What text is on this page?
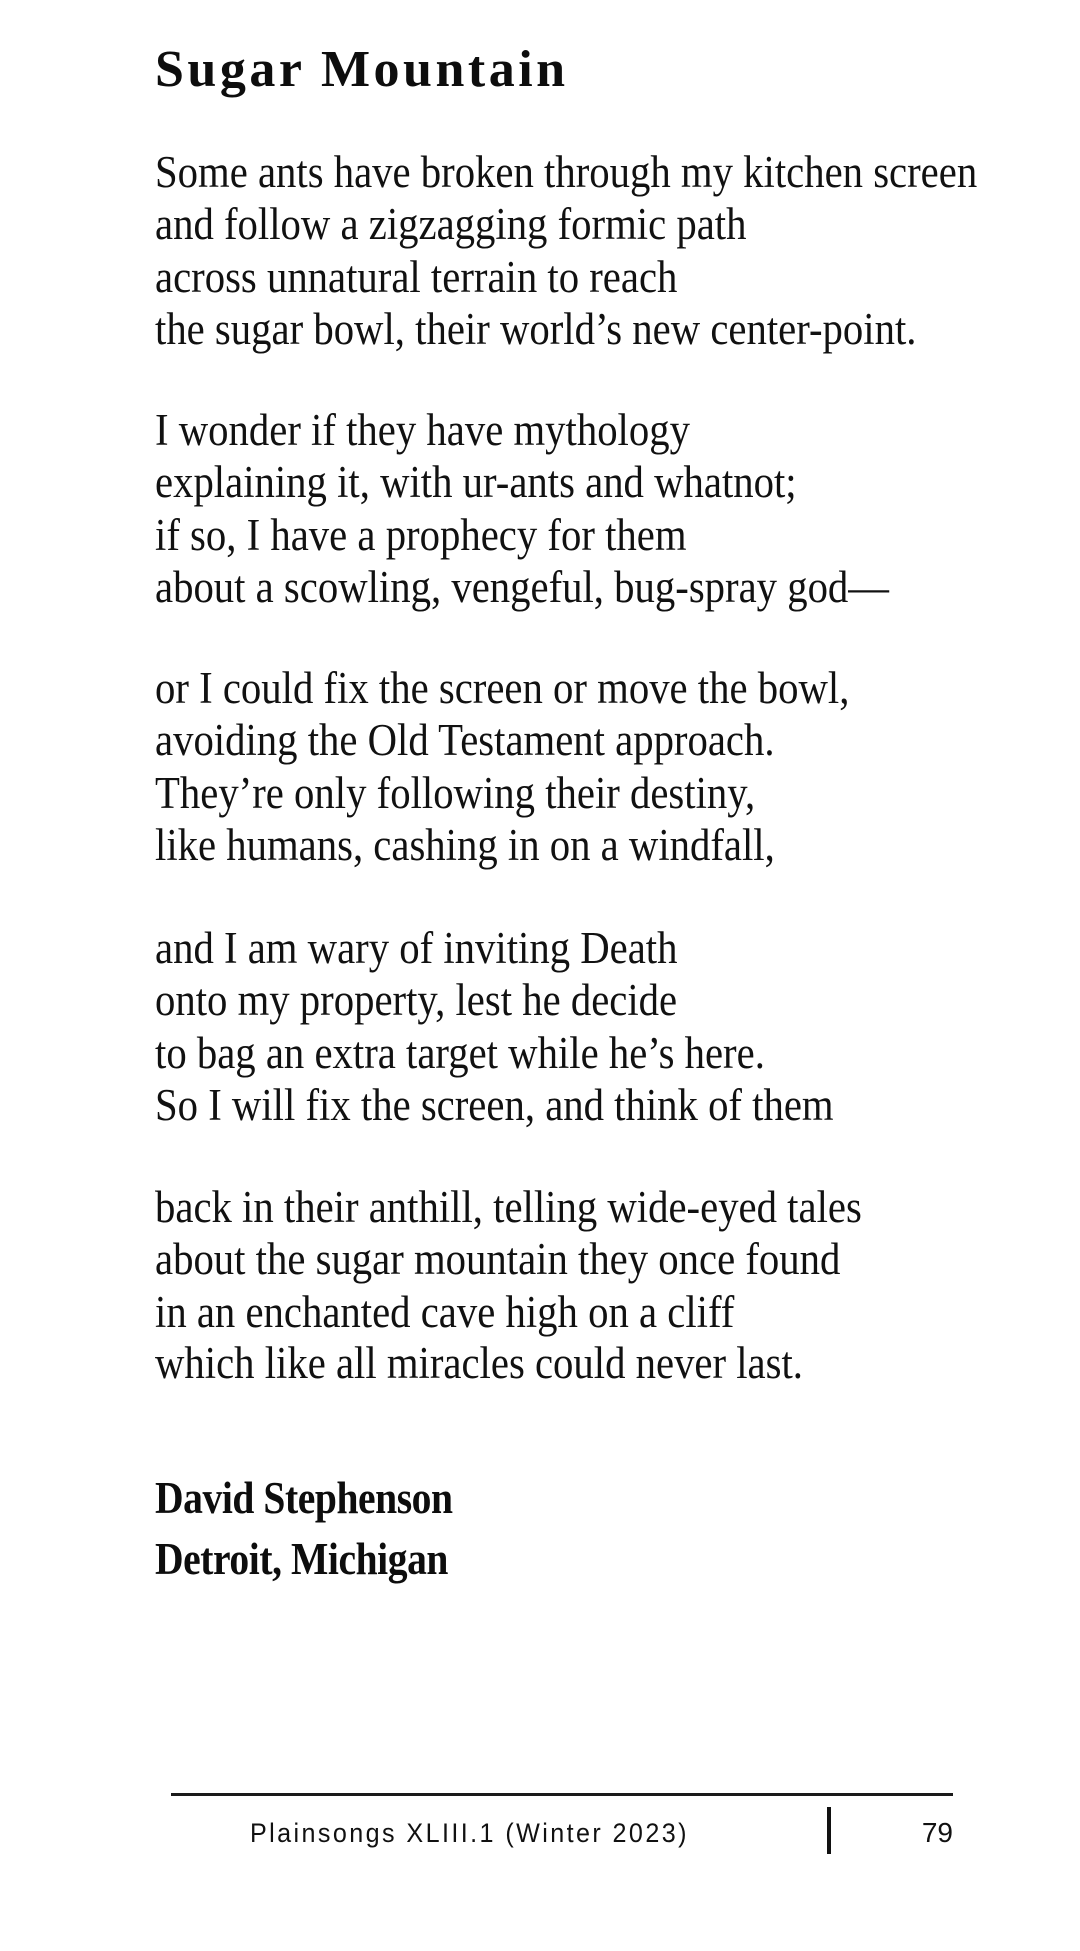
Sugar Mountain

Some ants have broken through my kitchen screen

and follow a zigzagging formic path

across unnatural terrain to reach

the sugar bowl, their world’s new center-point.

I wonder if they have mythology

explaining it, with ur-ants and whatnot;

if so, I have a prophecy for them

about a scowling, vengeful, bug-spray god—

or I could fix the screen or move the bowl,

avoiding the Old Testament approach.

They’re only following their destiny,

like humans, cashing in on a windfall,

and I am wary of inviting Death

onto my property, lest he decide

to bag an extra target while he’s here.

So I will fix the screen, and think of them

back in their anthill, telling wide-eyed tales

about the sugar mountain they once found

in an enchanted cave high on a cliff

which like all miracles could never last.

David Stephenson

Detroit, Michigan

Plainsongs XLIII.1 (Winter 2023)	79
